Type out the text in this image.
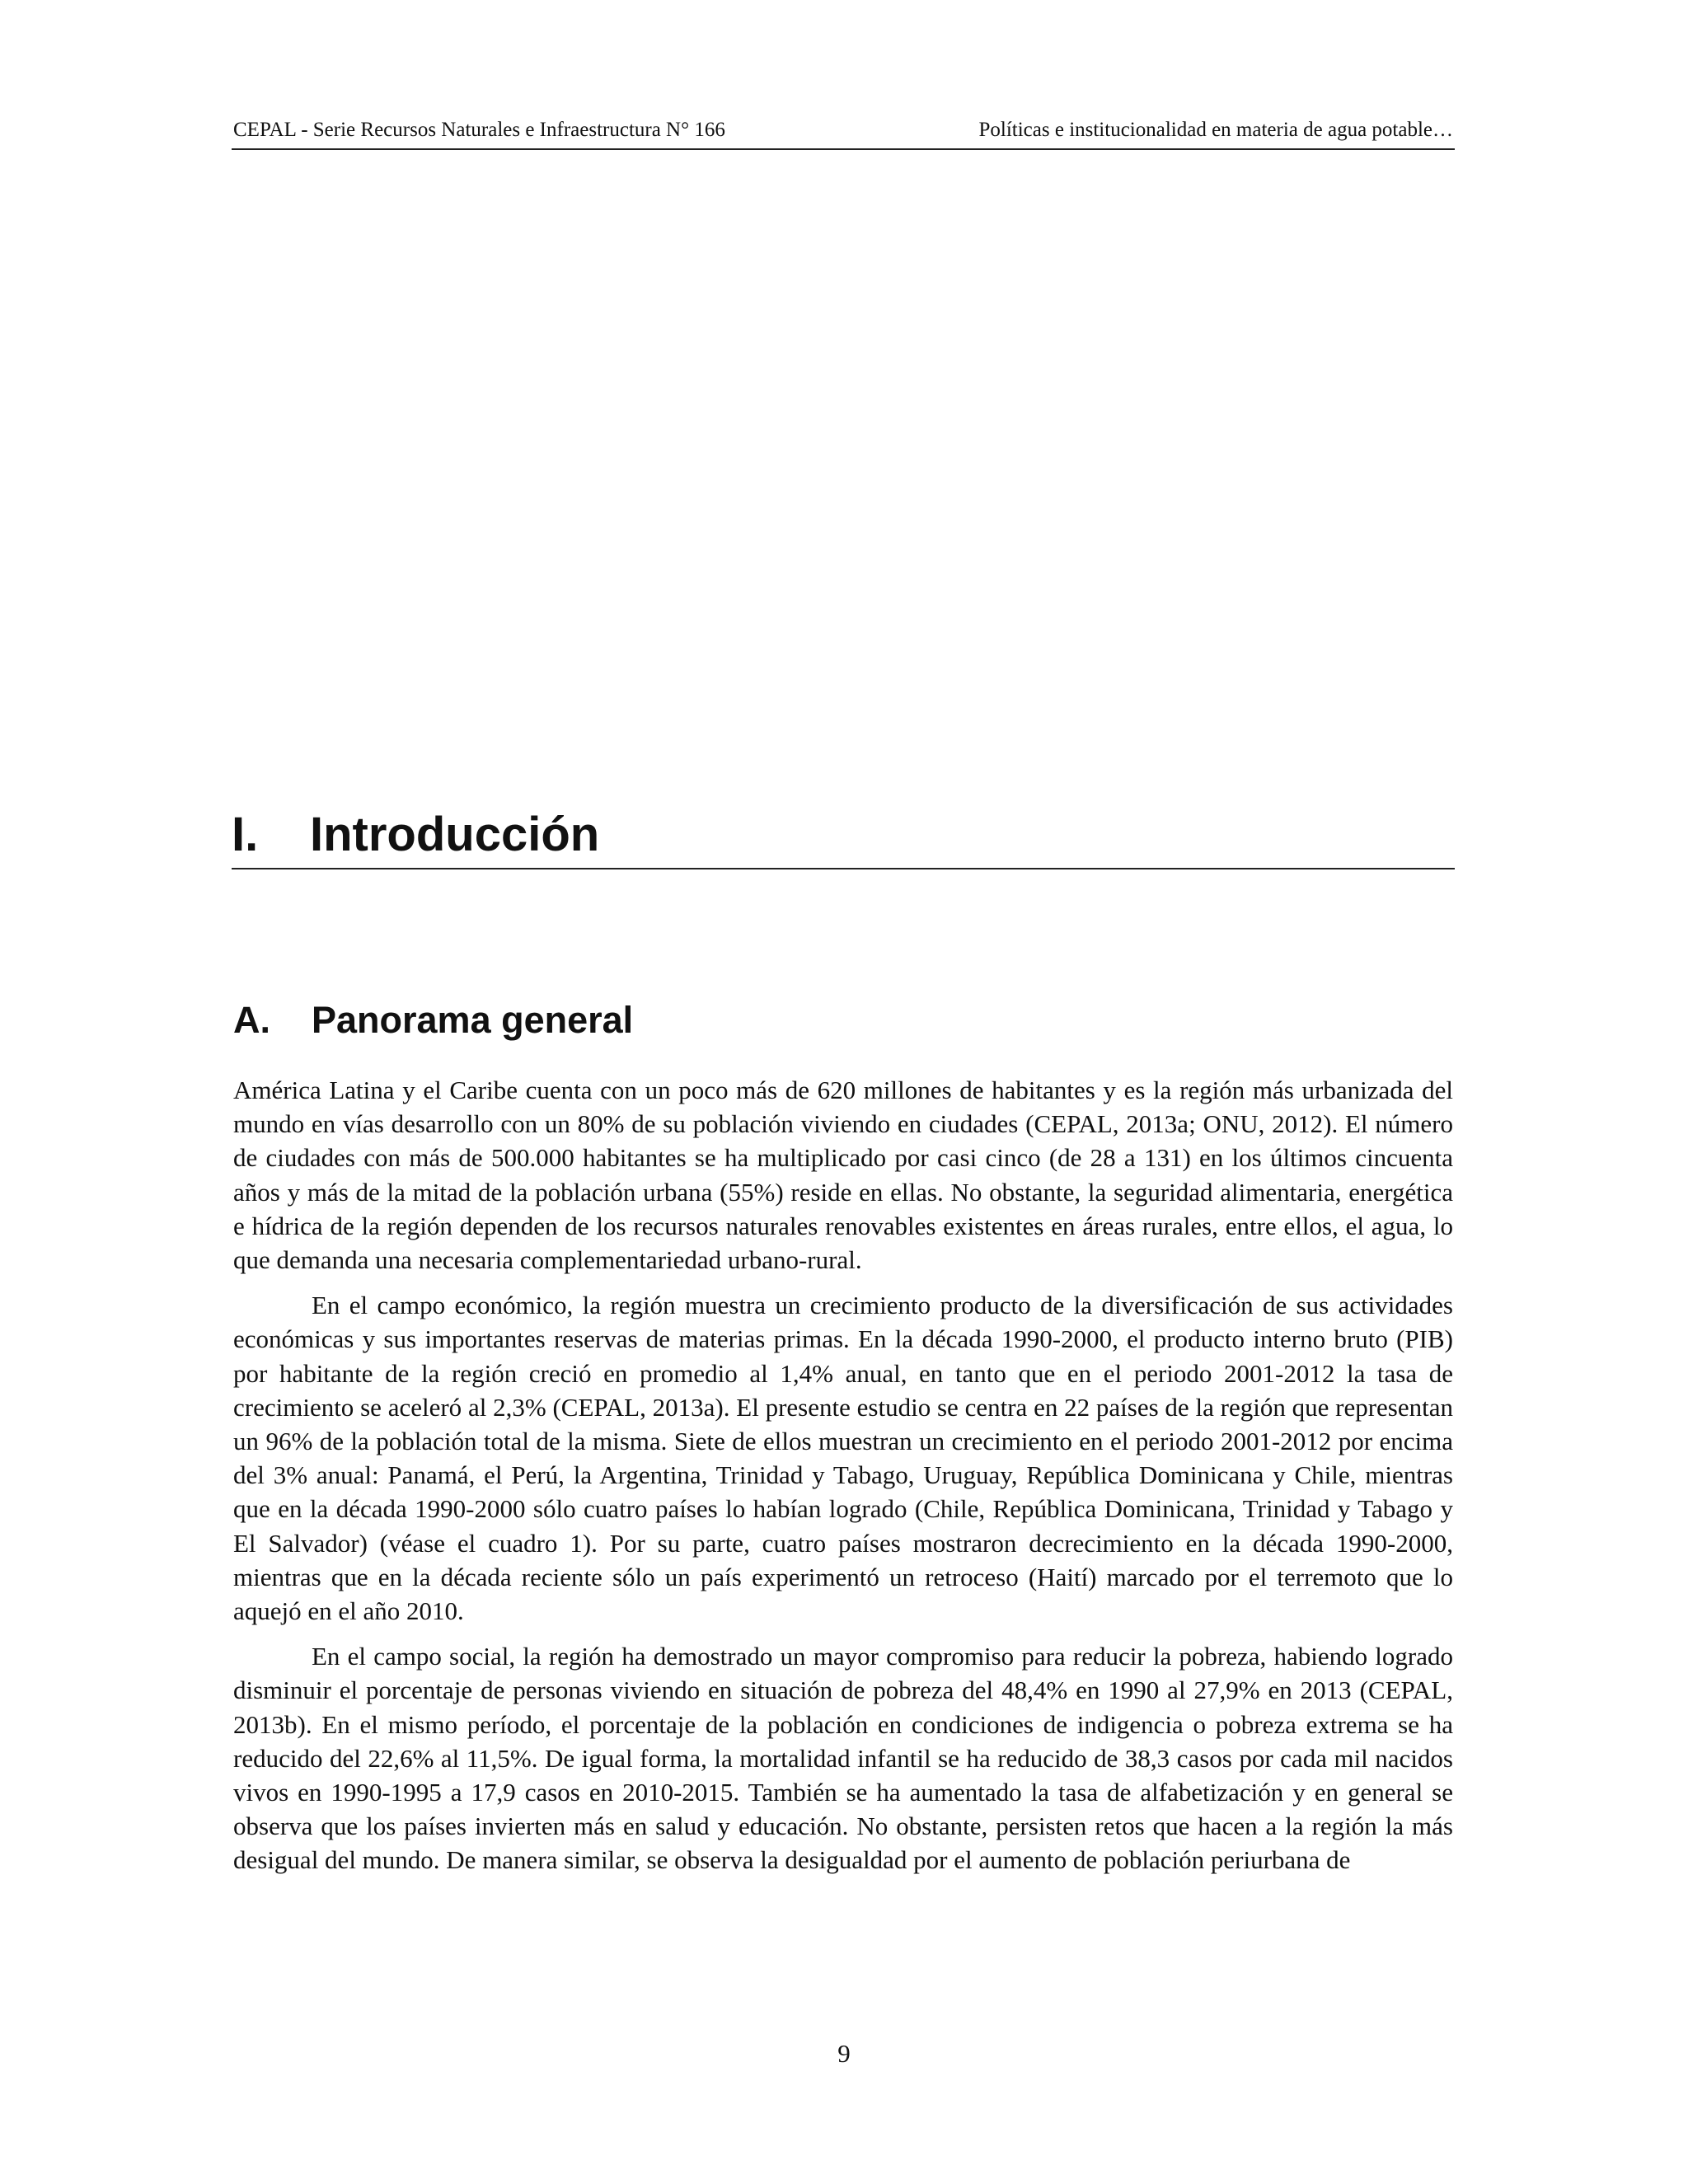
CEPAL - Serie Recursos Naturales e Infraestructura N° 166	Políticas e institucionalidad en materia de agua potable…
I. Introducción
A. Panorama general

América Latina y el Caribe cuenta con un poco más de 620 millones de habitantes y es la región más urbanizada del mundo en vías desarrollo con un 80% de su población viviendo en ciudades (CEPAL, 2013a; ONU, 2012). El número de ciudades con más de 500.000 habitantes se ha multiplicado por casi cinco (de 28 a 131) en los últimos cincuenta años y más de la mitad de la población urbana (55%) reside en ellas. No obstante, la seguridad alimentaria, energética e hídrica de la región dependen de los recursos naturales renovables existentes en áreas rurales, entre ellos, el agua, lo que demanda una necesaria complementariedad urbano-rural.

En el campo económico, la región muestra un crecimiento producto de la diversificación de sus actividades económicas y sus importantes reservas de materias primas. En la década 1990-2000, el producto interno bruto (PIB) por habitante de la región creció en promedio al 1,4% anual, en tanto que en el periodo 2001-2012 la tasa de crecimiento se aceleró al 2,3% (CEPAL, 2013a). El presente estudio se centra en 22 países de la región que representan un 96% de la población total de la misma. Siete de ellos muestran un crecimiento en el periodo 2001-2012 por encima del 3% anual: Panamá, el Perú, la Argentina, Trinidad y Tabago, Uruguay, República Dominicana y Chile, mientras que en la década 1990-2000 sólo cuatro países lo habían logrado (Chile, República Dominicana, Trinidad y Tabago y El Salvador) (véase el cuadro 1). Por su parte, cuatro países mostraron decrecimiento en la década 1990-2000, mientras que en la década reciente sólo un país experimentó un retroceso (Haití) marcado por el terremoto que lo aquejó en el año 2010.

En el campo social, la región ha demostrado un mayor compromiso para reducir la pobreza, habiendo logrado disminuir el porcentaje de personas viviendo en situación de pobreza del 48,4% en 1990 al 27,9% en 2013 (CEPAL, 2013b). En el mismo período, el porcentaje de la población en condiciones de indigencia o pobreza extrema se ha reducido del 22,6% al 11,5%. De igual forma, la mortalidad infantil se ha reducido de 38,3 casos por cada mil nacidos vivos en 1990-1995 a 17,9 casos en 2010-2015. También se ha aumentado la tasa de alfabetización y en general se observa que los países invierten más en salud y educación. No obstante, persisten retos que hacen a la región la más desigual del mundo. De manera similar, se observa la desigualdad por el aumento de población periurbana de

9
